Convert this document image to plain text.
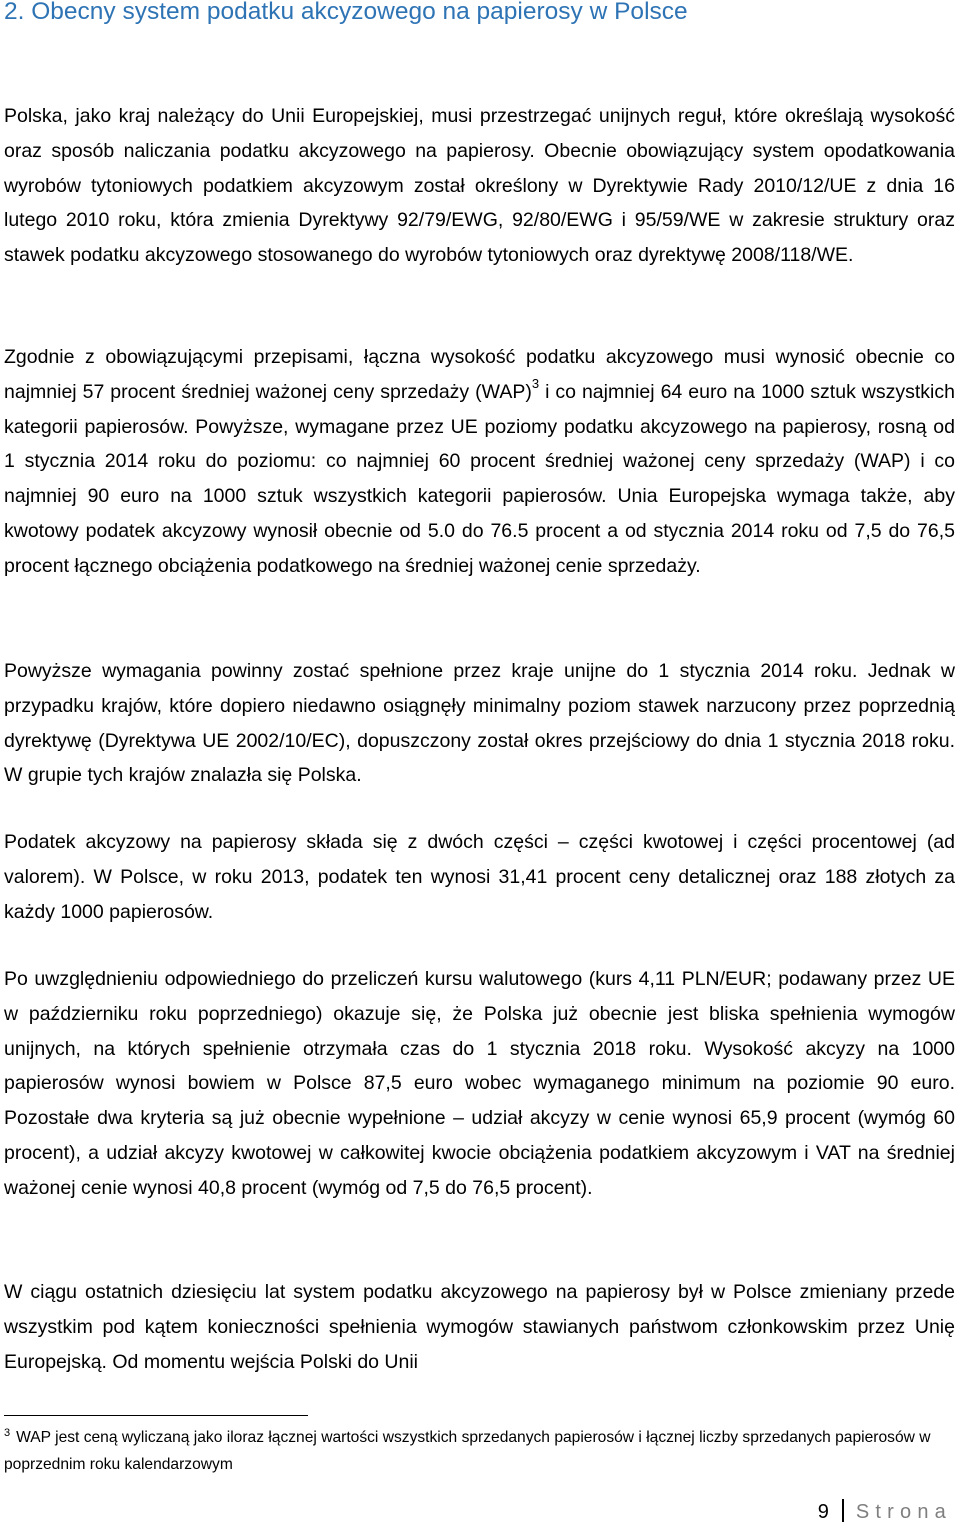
2. Obecny system podatku akcyzowego na papierosy w Polsce

Polska, jako kraj należący do Unii Europejskiej, musi przestrzegać unijnych reguł, które określają wysokość oraz sposób naliczania podatku akcyzowego na papierosy. Obecnie obowiązujący system opodatkowania wyrobów tytoniowych podatkiem akcyzowym został określony w Dyrektywie Rady 2010/12/UE z dnia 16 lutego 2010 roku, która zmienia Dyrektywy 92/79/EWG, 92/80/EWG i 95/59/WE w zakresie struktury oraz stawek podatku akcyzowego stosowanego do wyrobów tytoniowych oraz dyrektywę 2008/118/WE.

Zgodnie z obowiązującymi przepisami, łączna wysokość podatku akcyzowego musi wynosić obecnie co najmniej 57 procent średniej ważonej ceny sprzedaży (WAP)$^3$ i co najmniej 64 euro na 1000 sztuk wszystkich kategorii papierosów. Powyższe, wymagane przez UE poziomy podatku akcyzowego na papierosy, rosną od 1 stycznia 2014 roku do poziomu: co najmniej 60 procent średniej ważonej ceny sprzedaży (WAP) i co najmniej 90 euro na 1000 sztuk wszystkich kategorii papierosów. Unia Europejska wymaga także, aby kwotowy podatek akcyzowy wynosił obecnie od 5.0 do 76.5 procent a od stycznia 2014 roku od 7,5 do 76,5 procent łącznego obciążenia podatkowego na średniej ważonej cenie sprzedaży.

Powyższe wymagania powinny zostać spełnione przez kraje unijne do 1 stycznia 2014 roku. Jednak w przypadku krajów, które dopiero niedawno osiągnęły minimalny poziom stawek narzucony przez poprzednią dyrektywę (Dyrektywa UE 2002/10/EC), dopuszczony został okres przejściowy do dnia 1 stycznia 2018 roku. W grupie tych krajów znalazła się Polska.

Podatek akcyzowy na papierosy składa się z dwóch części – części kwotowej i części procentowej (ad valorem). W Polsce, w roku 2013, podatek ten wynosi 31,41 procent ceny detalicznej oraz 188 złotych za każdy 1000 papierosów.

Po uwzględnieniu odpowiedniego do przeliczeń kursu walutowego (kurs 4,11 PLN/EUR; podawany przez UE w październiku roku poprzedniego) okazuje się, że Polska już obecnie jest bliska spełnienia wymogów unijnych, na których spełnienie otrzymała czas do 1 stycznia 2018 roku. Wysokość akcyzy na 1000 papierosów wynosi bowiem w Polsce 87,5 euro wobec wymaganego minimum na poziomie 90 euro. Pozostałe dwa kryteria są już obecnie wypełnione – udział akcyzy w cenie wynosi 65,9 procent (wymóg 60 procent), a udział akcyzy kwotowej w całkowitej kwocie obciążenia podatkiem akcyzowym i VAT na średniej ważonej cenie wynosi 40,8 procent (wymóg od 7,5 do 76,5 procent).

W ciągu ostatnich dziesięciu lat system podatku akcyzowego na papierosy był w Polsce zmieniany przede wszystkim pod kątem konieczności spełnienia wymogów stawianych państwom członkowskim przez Unię Europejską. Od momentu wejścia Polski do Unii

$^3$ WAP jest ceną wyliczaną jako iloraz łącznej wartości wszystkich sprzedanych papierosów i łącznej liczby sprzedanych papierosów w poprzednim roku kalendarzowym

9 Strona
